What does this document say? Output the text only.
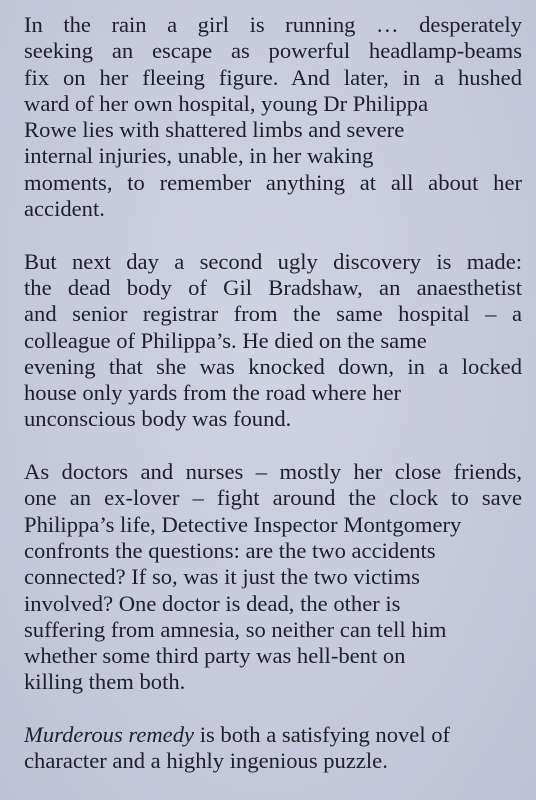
In the rain a girl is running … desperately
seeking an escape as powerful headlamp-beams
fix on her fleeing figure. And later, in a hushed
ward of her own hospital, young Dr Philippa
Rowe lies with shattered limbs and severe
internal injuries, unable, in her waking
moments, to remember anything at all about her
accident.

But next day a second ugly discovery is made:
the dead body of Gil Bradshaw, an anaesthetist
and senior registrar from the same hospital – a
colleague of Philippa’s. He died on the same
evening that she was knocked down, in a locked
house only yards from the road where her
unconscious body was found.

As doctors and nurses – mostly her close friends,
one an ex-lover – fight around the clock to save
Philippa’s life, Detective Inspector Montgomery
confronts the questions: are the two accidents
connected? If so, was it just the two victims
involved? One doctor is dead, the other is
suffering from amnesia, so neither can tell him
whether some third party was hell-bent on
killing them both.

Murderous remedy is both a satisfying novel of
character and a highly ingenious puzzle.
